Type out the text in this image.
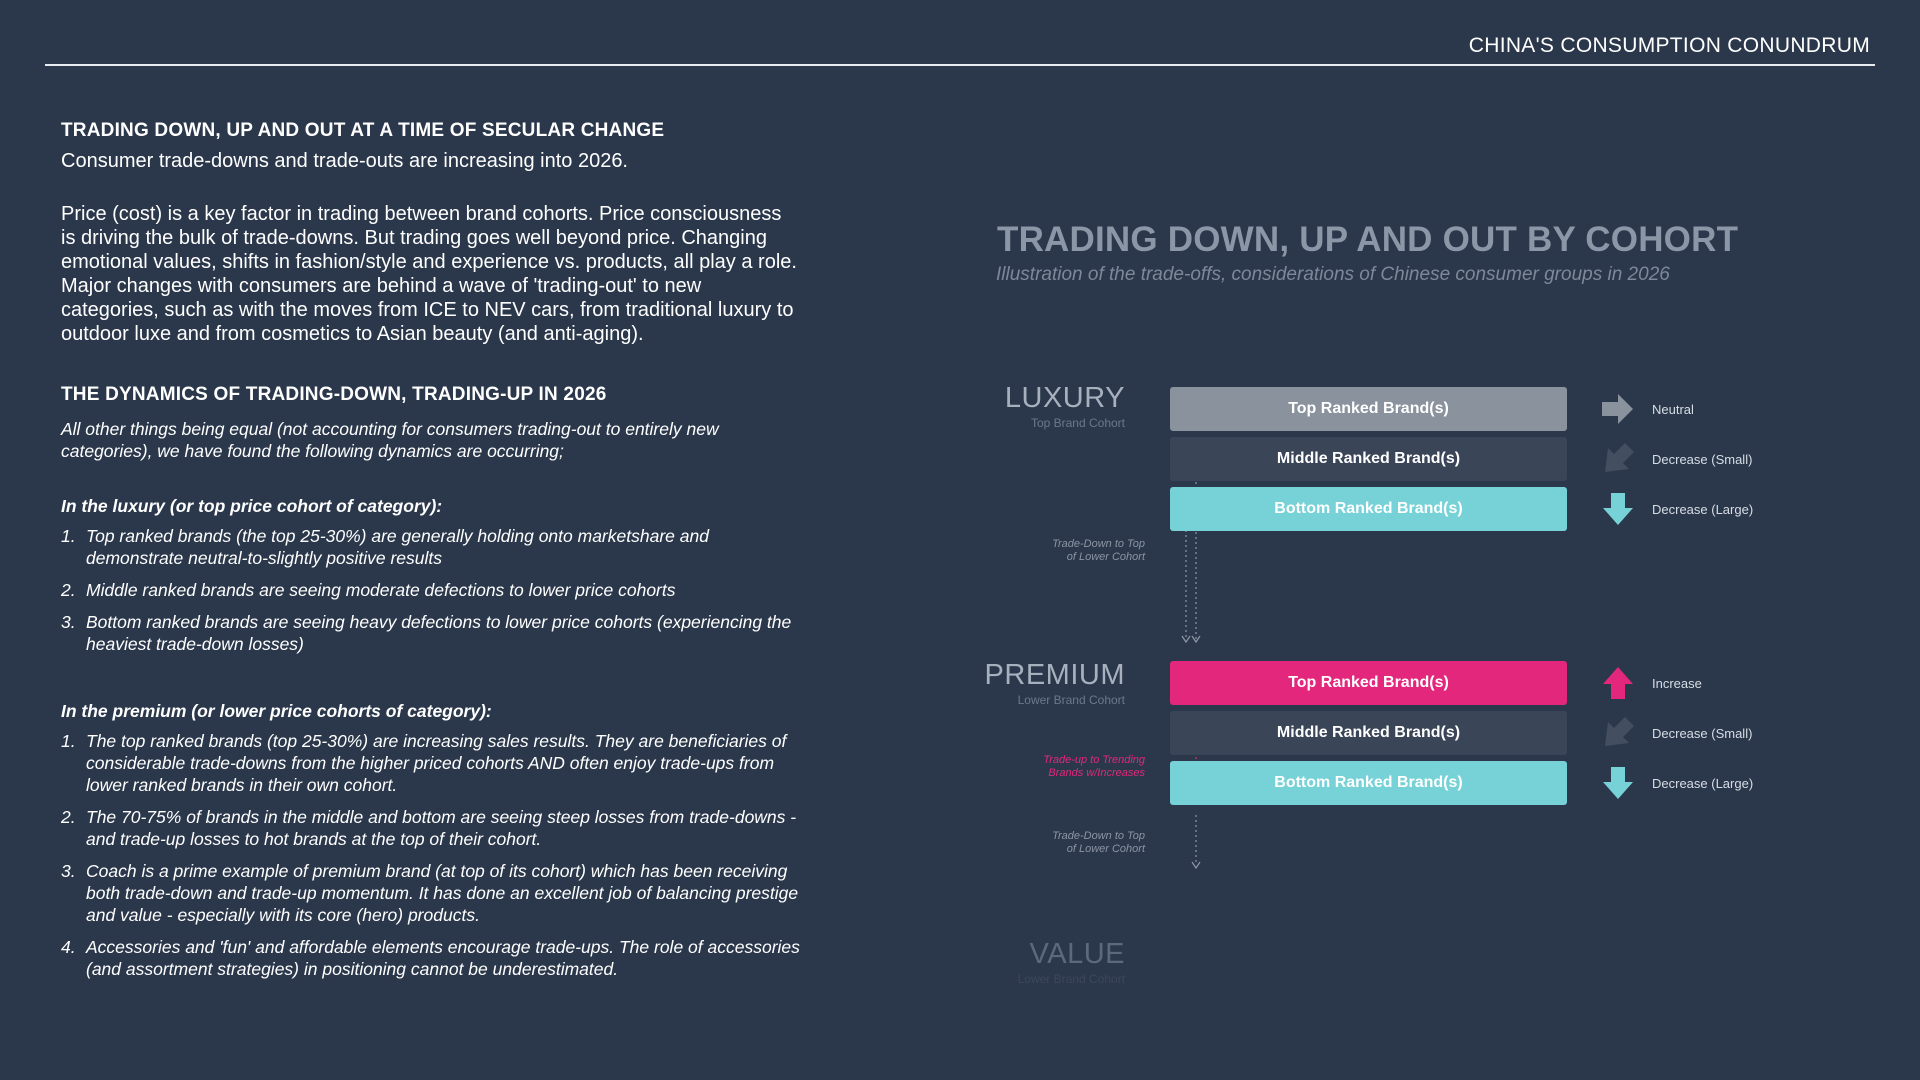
CHINA'S CONSUMPTION CONUNDRUM
TRADING DOWN, UP AND OUT AT A TIME OF SECULAR CHANGE

Consumer trade-downs and trade-outs are increasing into 2026.

Price (cost) is a key factor in trading between brand cohorts. Price consciousness is driving the bulk of trade-downs. But trading goes well beyond price. Changing emotional values, shifts in fashion/style and experience vs. products, all play a role. Major changes with consumers are behind a wave of 'trading-out' to new categories, such as with the moves from ICE to NEV cars, from traditional luxury to outdoor luxe and from cosmetics to Asian beauty (and anti-aging).

THE DYNAMICS OF TRADING-DOWN, TRADING-UP IN 2026

All other things being equal (not accounting for consumers trading-out to entirely new categories), we have found the following dynamics are occurring;

In the luxury (or top price cohort of category):

1. Top ranked brands (the top 25-30%) are generally holding onto marketshare and demonstrate neutral-to-slightly positive results
2. Middle ranked brands are seeing moderate defections to lower price cohorts
3. Bottom ranked brands are seeing heavy defections to lower price cohorts (experiencing the heaviest trade-down losses)

In the premium (or lower price cohorts of category):

1. The top ranked brands (top 25-30%) are increasing sales results. They are beneficiaries of considerable trade-downs from the higher priced cohorts AND often enjoy trade-ups from lower ranked brands in their own cohort.
2. The 70-75% of brands in the middle and bottom are seeing steep losses from trade-downs - and trade-up losses to hot brands at the top of their cohort.
3. Coach is a prime example of premium brand (at top of its cohort) which has been receiving both trade-down and trade-up momentum. It has done an excellent job of balancing prestige and value - especially with its core (hero) products.
4. Accessories and 'fun' and affordable elements encourage trade-ups. The role of accessories (and assortment strategies) in positioning cannot be underestimated.
TRADING DOWN, UP AND OUT BY COHORT

Illustration of the trade-offs, considerations of Chinese consumer groups in 2026

LUXURY
Top Brand Cohort
PREMIUM
Lower Brand Cohort
VALUE
Lower Brand Cohort
Top Ranked Brand(s)
Middle Ranked Brand(s)
Bottom Ranked Brand(s)
Top Ranked Brand(s)
Middle Ranked Brand(s)
Bottom Ranked Brand(s)
Trade-Down to Top
of Lower Cohort
Trade-up to Trending
Brands w/Increases
Trade-Down to Top
of Lower Cohort
Neutral
Decrease (Small)
Decrease (Large)
Increase
Decrease (Small)
Decrease (Large)
